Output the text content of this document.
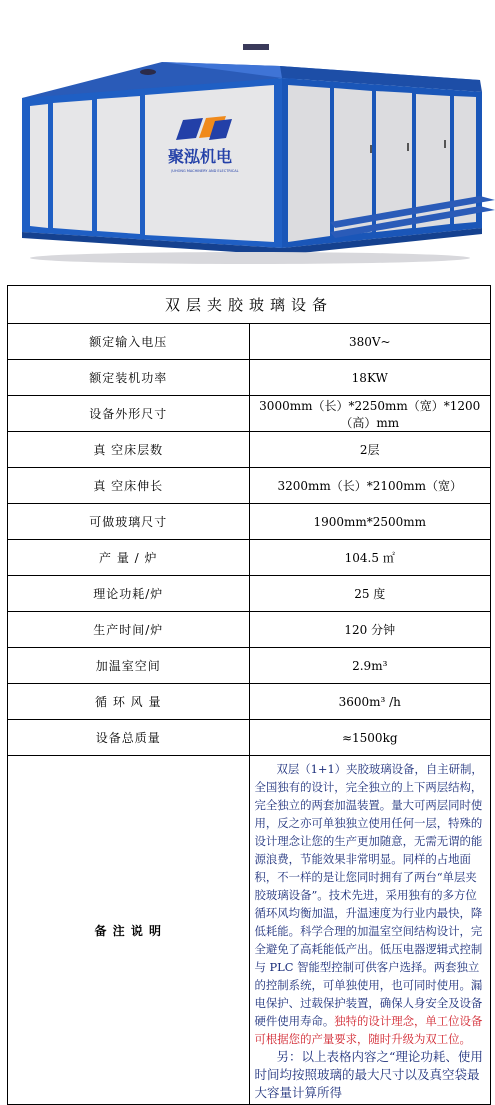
聚泓机电
JUHONG MACHINERY AND ELECTRICAL
双层夹胶玻璃设备	
额定输入电压	380V~
额定装机功率	18KW
设备外形尺寸	3000mm（长）*2250mm（宽）*1200（高）mm
真 空床层数	2层
真 空床伸长	3200mm（长）*2100mm（宽）
可做玻璃尺寸	1900mm*2500mm
产 量 / 炉	104.5 ㎡
理论功耗/炉	25 度
生产时间/炉	120 分钟
加温室空间	2.9m³
循 环 风 量	3600m³ /h
设备总质量	≈1500kg
备 注 说 明	双层（1+1）夹胶玻璃设备，自主研制，全国独有的设计，完全独立的上下两层结构，完全独立的两套加温装置。量大可两层同时使用，反之亦可单独独立使用任何一层，特殊的设计理念让您的生产更加随意，无需无谓的能源浪费，节能效果非常明显。同样的占地面积，不一样的是让您同时拥有了两台“单层夹胶玻璃设备”。技术先进，采用独有的多方位循环风均衡加温，升温速度为行业内最快，降低耗能。科学合理的加温室空间结构设计，完全避免了高耗能低产出。低压电器逻辑式控制与 PLC 智能型控制可供客户选择。两套独立的控制系统，可单独使用，也可同时使用。漏电保护、过载保护装置，确保人身安全及设备硬件使用寿命。独特的设计理念，单工位设备可根据您的产量要求，随时升级为双工位。
另：以上表格内容之“理论功耗、使用时间均按照玻璃的最大尺寸以及真空袋最大容量计算所得
